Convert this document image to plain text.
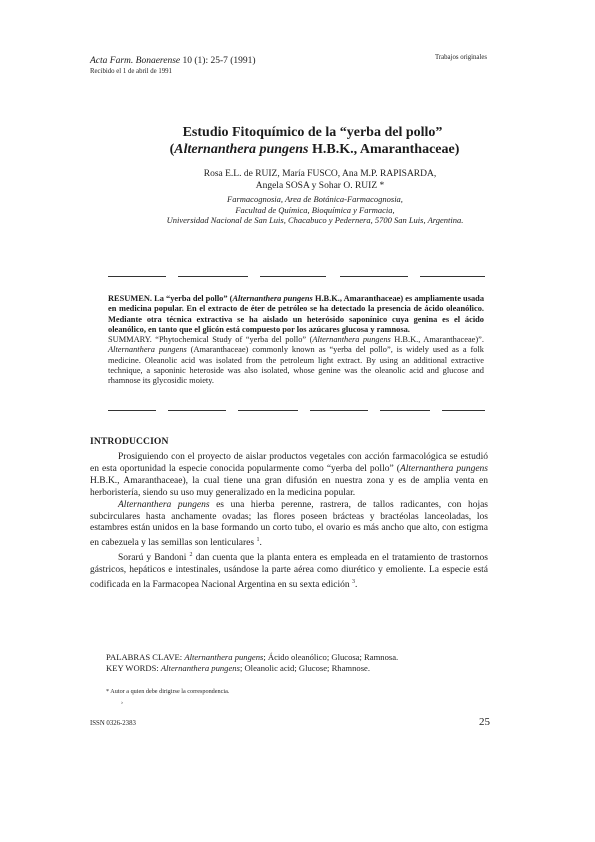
Acta Farm. Bonaerense 10 (1): 25-7 (1991)
Recibido el 1 de abril de 1991
Trabajos originales
Estudio Fitoquímico de la “yerba del pollo”
(Alternanthera pungens H.B.K., Amaranthaceae)
Rosa E.L. de RUIZ, María FUSCO, Ana M.P. RAPISARDA,
Angela SOSA y Sohar O. RUIZ *
Farmacognosia, Area de Botánica-Farmacognosia,
Facultad de Química, Bioquímica y Farmacia,
Universidad Nacional de San Luis, Chacabuco y Pedernera, 5700 San Luis, Argentina.

RESUMEN. La “yerba del pollo” (Alternanthera pungens H.B.K., Amaranthaceae) es ampliamente usada en medicina popular. En el extracto de éter de petróleo se ha detectado la presencia de ácido oleanólico. Mediante otra técnica extractiva se ha aislado un heterósido saponínico cuya genina es el ácido oleanólico, en tanto que el glicón está compuesto por los azúcares glucosa y ramnosa.

SUMMARY. “Phytochemical Study of “yerba del pollo” (Alternanthera pungens H.B.K., Amaranthaceae)”. Alternanthera pungens (Amaranthaceae) commonly known as “yerba del pollo”, is widely used as a folk medicine. Oleanolic acid was isolated from the petroleum light extract. By using an additional extractive technique, a saponinic heteroside was also isolated, whose genine was the oleanolic acid and glucose and rhamnose its glycosidic moiety.

INTRODUCCION

Prosiguiendo con el proyecto de aislar productos vegetales con acción farmacológica se estudió en esta oportunidad la especie conocida popularmente como “yerba del pollo” (Alternanthera pungens H.B.K., Amaranthaceae), la cual tiene una gran difusión en nuestra zona y es de amplia venta en herboristería, siendo su uso muy generalizado en la medicina popular.

Alternanthera pungens es una hierba perenne, rastrera, de tallos radicantes, con hojas subcirculares hasta anchamente ovadas; las flores poseen brácteas y bractéolas lanceoladas, los estambres están unidos en la base formando un corto tubo, el ovario es más ancho que alto, con estigma en cabezuela y las semillas son lenticulares $^1$.

Sorarú y Bandoni $^2$ dan cuenta que la planta entera es empleada en el tratamiento de trastornos gástricos, hepáticos e intestinales, usándose la parte aérea como diurético y emoliente. La especie está codificada en la Farmacopea Nacional Argentina en su sexta edición $^3$.

PALABRAS CLAVE: Alternanthera pungens; Ácido oleanólico; Glucosa; Ramnosa.
KEY WORDS: Alternanthera pungens; Oleanolic acid; Glucose; Rhamnose.
* Autor a quien debe dirigirse la correspondencia.
›
ISSN 0326-2383	25
